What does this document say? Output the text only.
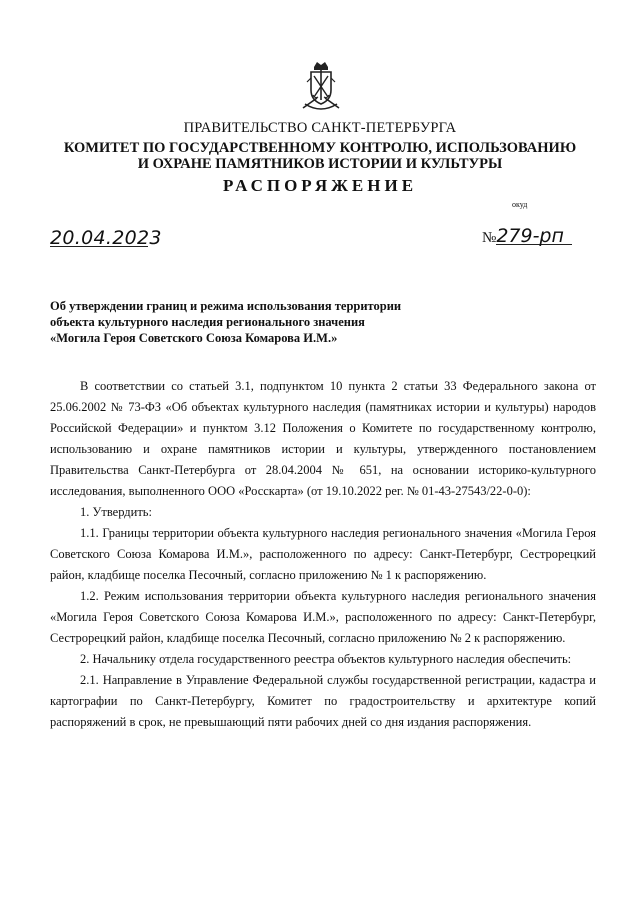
ПРАВИТЕЛЬСТВО САНКТ-ПЕТЕРБУРГА
КОМИТЕТ ПО ГОСУДАРСТВЕННОМУ КОНТРОЛЮ, ИСПОЛЬЗОВАНИЮ
И ОХРАНЕ ПАМЯТНИКОВ ИСТОРИИ И КУЛЬТУРЫ
РАСПОРЯЖЕНИЕ
окуд
20.04.2023	№279-рп
Об утверждении границ и режима использования территории
объекта культурного наследия регионального значения
«Могила Героя Советского Союза Комарова И.М.»

В соответствии со статьей 3.1, подпунктом 10 пункта 2 статьи 33 Федерального закона от 25.06.2002 № 73-ФЗ «Об объектах культурного наследия (памятниках истории и культуры) народов Российской Федерации» и пунктом 3.12 Положения о Комитете по государственному контролю, использованию и охране памятников истории и культуры, утвержденного постановлением Правительства Санкт-Петербурга от 28.04.2004 № 651, на основании историко-культурного исследования, выполненного ООО «Росскарта» (от 19.10.2022 рег. № 01-43-27543/22-0-0):

1. Утвердить:

1.1. Границы территории объекта культурного наследия регионального значения «Могила Героя Советского Союза Комарова И.М.», расположенного по адресу: Санкт-Петербург, Сестрорецкий район, кладбище поселка Песочный, согласно приложению № 1 к распоряжению.

1.2. Режим использования территории объекта культурного наследия регионального значения «Могила Героя Советского Союза Комарова И.М.», расположенного по адресу: Санкт-Петербург, Сестрорецкий район, кладбище поселка Песочный, согласно приложению № 2 к распоряжению.

2. Начальнику отдела государственного реестра объектов культурного наследия обеспечить:

2.1. Направление в Управление Федеральной службы государственной регистрации, кадастра и картографии по Санкт-Петербургу, Комитет по градостроительству и архитектуре копий распоряжений в срок, не превышающий пяти рабочих дней со дня издания распоряжения.
